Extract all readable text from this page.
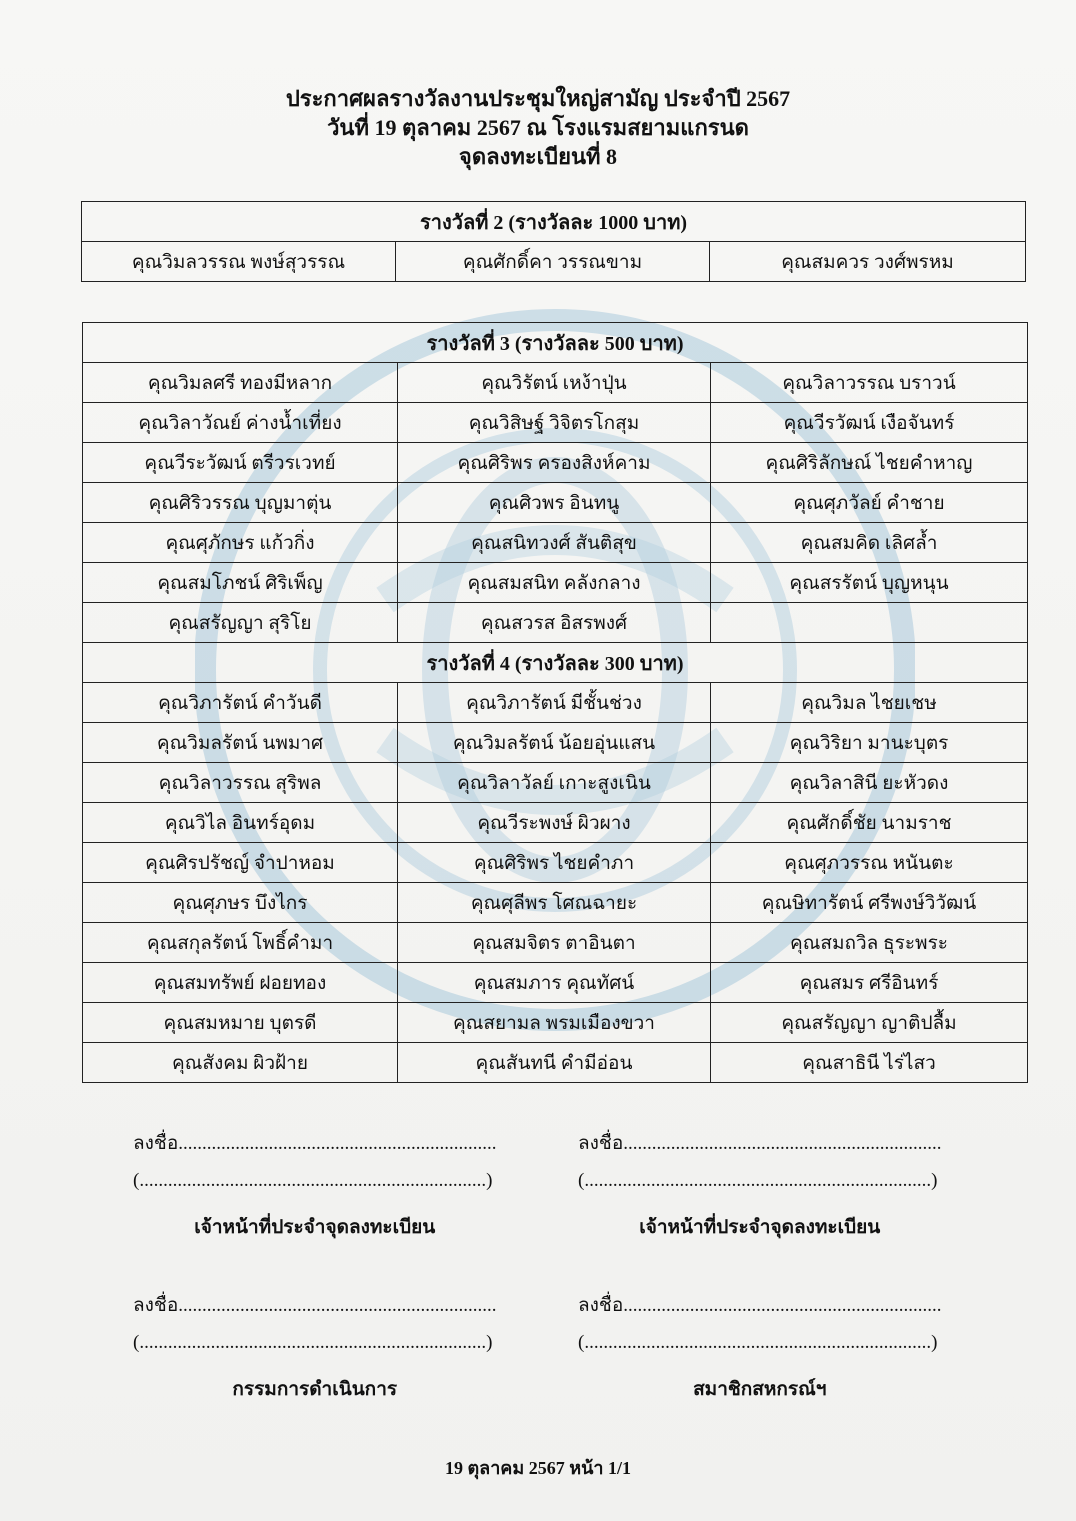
ประกาศผลรางวัลงานประชุมใหญ่สามัญ ประจำปี 2567
วันที่ 19 ตุลาคม 2567 ณ โรงแรมสยามแกรนด
จุดลงทะเบียนที่ 8
รางวัลที่ 2 (รางวัลละ 1000 บาท)
คุณวิมลวรรณ พงษ์สุวรรณ	คุณศักดิ์คา วรรณขาม	คุณสมควร วงศ์พรหม
รางวัลที่ 3 (รางวัลละ 500 บาท)		
คุณวิมลศรี ทองมีหลาก	คุณวิรัตน์ เหง้าปุ่น	คุณวิลาวรรณ บราวน์
คุณวิลาวัณย์ ค่างน้ำเที่ยง	คุณวิสิษฐ์ วิจิตรโกสุม	คุณวีรวัฒน์ เงือจันทร์
คุณวีระวัฒน์ ตรีวรเวทย์	คุณศิริพร ครองสิงห์คาม	คุณศิริลักษณ์ ไชยคำหาญ
คุณศิริวรรณ บุญมาตุ่น	คุณศิวพร อินทนู	คุณศุภวัลย์ คำชาย
คุณศุภักษร แก้วกิ่ง	คุณสนิทวงศ์ สันติสุข	คุณสมคิด เลิศล้ำ
คุณสมโภชน์ ศิริเพ็ญ	คุณสมสนิท คลังกลาง	คุณสรรัตน์ บุญหนุน
คุณสรัญญา สุริโย	คุณสวรส อิสรพงศ์	
รางวัลที่ 4 (รางวัลละ 300 บาท)		
คุณวิภารัตน์ คำวันดี	คุณวิภารัตน์ มีชั้นช่วง	คุณวิมล ไชยเชษ
คุณวิมลรัตน์ นพมาศ	คุณวิมลรัตน์ น้อยอุ่นแสน	คุณวิริยา มานะบุตร
คุณวิลาวรรณ สุริพล	คุณวิลาวัลย์ เกาะสูงเนิน	คุณวิลาสินี ยะหัวดง
คุณวิไล อินทร์อุดม	คุณวีระพงษ์ ผิวผาง	คุณศักดิ์ชัย นามราช
คุณศิรปรัชญ์ จำปาหอม	คุณศิริพร ไชยคำภา	คุณศุภวรรณ หนันตะ
คุณศุภษร บึงไกร	คุณศุลีพร โศณฉายะ	คุณษิทารัตน์ ศรีพงษ์วิวัฒน์
คุณสกุลรัตน์ โพธิ์คำมา	คุณสมจิตร ตาอินตา	คุณสมถวิล ธุระพระ
คุณสมทรัพย์ ฝอยทอง	คุณสมภาร คุณทัศน์	คุณสมร ศรีอินทร์
คุณสมหมาย บุตรดี	คุณสยามล พรมเมืองขวา	คุณสรัญญา ญาติปลื้ม
คุณสังคม ผิวฝ้าย	คุณสันทนี คำมีอ่อน	คุณสาธินี ไร่ไสว
ลงชื่อ...................................................................
(.........................................................................)
เจ้าหน้าที่ประจำจุดลงทะเบียน
ลงชื่อ...................................................................
(.........................................................................)
เจ้าหน้าที่ประจำจุดลงทะเบียน
ลงชื่อ...................................................................
(.........................................................................)
กรรมการดำเนินการ
ลงชื่อ...................................................................
(.........................................................................)
สมาชิกสหกรณ์ฯ
19 ตุลาคม 2567 หน้า 1/1
